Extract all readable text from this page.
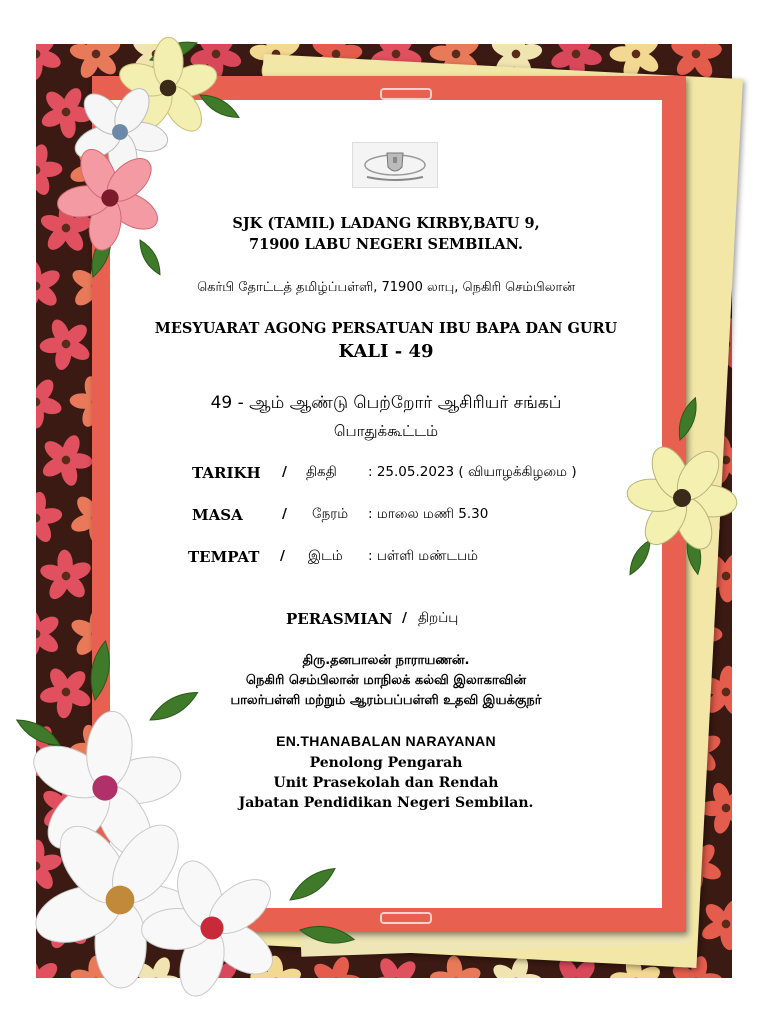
SJK (TAMIL) LADANG KIRBY,BATU 9,
71900 LABU NEGERI SEMBILAN.
கெர்பி தோட்டத் தமிழ்ப்பள்ளி, 71900 லாபு, நெகிரி செம்பிலான்
MESYUARAT AGONG PERSATUAN IBU BAPA DAN GURU
KALI - 49
49 - ஆம் ஆண்டு பெற்றோர் ஆசிரியர் சங்கப்
பொதுக்கூட்டம்
TARIKH / திகதி : 25.05.2023 ( வியாழக்கிழமை )
MASA	/ நேரம் : மாலை மணி 5.30
TEMPAT / இடம் : பள்ளி மண்டபம்
PERASMIAN / திறப்பு
திரு.தனபாலன் நாராயணன்.
நெகிரி செம்பிலான் மாநிலக் கல்வி இலாகாவின்
பாலர்பள்ளி மற்றும் ஆரம்பப்பள்ளி உதவி இயக்குநர்
EN.THANABALAN NARAYANAN
Penolong Pengarah
Unit Prasekolah dan Rendah
Jabatan Pendidikan Negeri Sembilan.
